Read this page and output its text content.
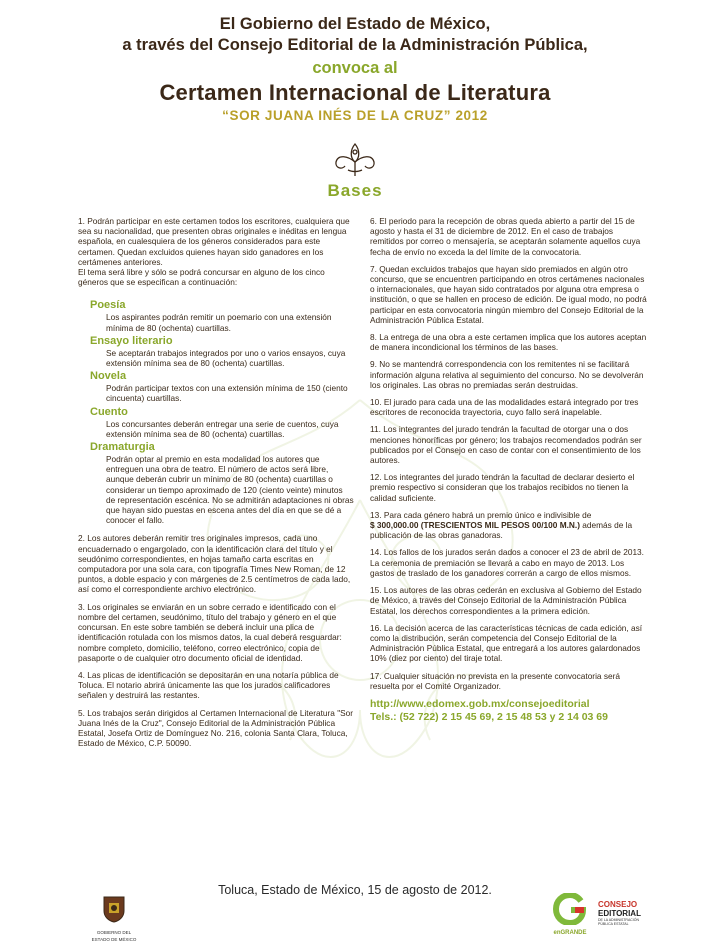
El Gobierno del Estado de México,
a través del Consejo Editorial de la Administración Pública,
convoca al
Certamen Internacional de Literatura
“SOR JUANA INÉS DE LA CRUZ” 2012
Bases

1. Podrán participar en este certamen todos los escritores, cualquiera que sea su nacionalidad, que presenten obras originales e inéditas en lengua española, en cualesquiera de los géneros considerados para este certamen. Quedan excluidos quienes hayan sido ganadores en los certámenes anteriores.

El tema será libre y sólo se podrá concursar en alguno de los cinco géneros que se especifican a continuación:

Poesía

Los aspirantes podrán remitir un poemario con una extensión mínima de 80 (ochenta) cuartillas.

Ensayo literario

Se aceptarán trabajos integrados por uno o varios ensayos, cuya extensión mínima sea de 80 (ochenta) cuartillas.

Novela

Podrán participar textos con una extensión mínima de 150 (ciento cincuenta) cuartillas.

Cuento

Los concursantes deberán entregar una serie de cuentos, cuya extensión mínima sea de 80 (ochenta) cuartillas.

Dramaturgia

Podrán optar al premio en esta modalidad los autores que entreguen una obra de teatro. El número de actos será libre, aunque deberán cubrir un mínimo de 80 (ochenta) cuartillas o considerar un tiempo aproximado de 120 (ciento veinte) minutos de representación escénica. No se admitirán adaptaciones ni obras que hayan sido puestas en escena antes del día en que se dé a conocer el fallo.

2. Los autores deberán remitir tres originales impresos, cada uno encuadernado o engargolado, con la identificación clara del título y el seudónimo correspondientes, en hojas tamaño carta escritas en computadora por una sola cara, con tipografía Times New Roman, de 12 puntos, a doble espacio y con márgenes de 2.5 centímetros de cada lado, así como el correspondiente archivo electrónico.

3. Los originales se enviarán en un sobre cerrado e identificado con el nombre del certamen, seudónimo, título del trabajo y género en el que concursan. En este sobre también se deberá incluir una plica de identificación rotulada con los mismos datos, la cual deberá resguardar: nombre completo, domicilio, teléfono, correo electrónico, copia de pasaporte o de cualquier otro documento oficial de identidad.

4. Las plicas de identificación se depositarán en una notaría pública de Toluca. El notario abrirá únicamente las que los jurados calificadores señalen y destruirá las restantes.

5. Los trabajos serán dirigidos al Certamen Internacional de Literatura "Sor Juana Inés de la Cruz", Consejo Editorial de la Administración Pública Estatal, Josefa Ortiz de Domínguez No. 216, colonia Santa Clara, Toluca, Estado de México, C.P. 50090.

6. El periodo para la recepción de obras queda abierto a partir del 15 de agosto y hasta el 31 de diciembre de 2012. En el caso de trabajos remitidos por correo o mensajería, se aceptarán solamente aquellos cuya fecha de envío no exceda la del límite de la convocatoria.

7. Quedan excluidos trabajos que hayan sido premiados en algún otro concurso, que se encuentren participando en otros certámenes nacionales o internacionales, que hayan sido contratados por alguna otra empresa o institución, o que se hallen en proceso de edición. De igual modo, no podrá participar en esta convocatoria ningún miembro del Consejo Editorial de la Administración Pública Estatal.

8. La entrega de una obra a este certamen implica que los autores aceptan de manera incondicional los términos de las bases.

9. No se mantendrá correspondencia con los remitentes ni se facilitará información alguna relativa al seguimiento del concurso. No se devolverán los originales. Las obras no premiadas serán destruidas.

10. El jurado para cada una de las modalidades estará integrado por tres escritores de reconocida trayectoria, cuyo fallo será inapelable.

11. Los integrantes del jurado tendrán la facultad de otorgar una o dos menciones honoríficas por género; los trabajos recomendados podrán ser publicados por el Consejo en caso de contar con el consentimiento de los autores.

12. Los integrantes del jurado tendrán la facultad de declarar desierto el premio respectivo si consideran que los trabajos recibidos no tienen la calidad suficiente.

13. Para cada género habrá un premio único e indivisible de
$ 300,000.00 (TRESCIENTOS MIL PESOS 00/100 M.N.) además de la publicación de las obras ganadoras.

14. Los fallos de los jurados serán dados a conocer el 23 de abril de 2013. La ceremonia de premiación se llevará a cabo en mayo de 2013. Los gastos de traslado de los ganadores correrán a cargo de ellos mismos.

15. Los autores de las obras cederán en exclusiva al Gobierno del Estado de México, a través del Consejo Editorial de la Administración Pública Estatal, los derechos correspondientes a la primera edición.

16. La decisión acerca de las características técnicas de cada edición, así como la distribución, serán competencia del Consejo Editorial de la Administración Pública Estatal, que entregará a los autores galardonados 10% (diez por ciento) del tiraje total.

17. Cualquier situación no prevista en la presente convocatoria será resuelta por el Comité Organizador.

http://www.edomex.gob.mx/consejoeditorial
Tels.: (52 722) 2 15 45 69, 2 15 48 53 y 2 14 03 69
Toluca, Estado de México, 15 de agosto de 2012.
GOBIERNO DEL
ESTADO DE MÉXICO
enGRANDE
CONSEJO
EDITORIAL
DE LA ADMINISTRACIÓN PÚBLICA ESTATAL
